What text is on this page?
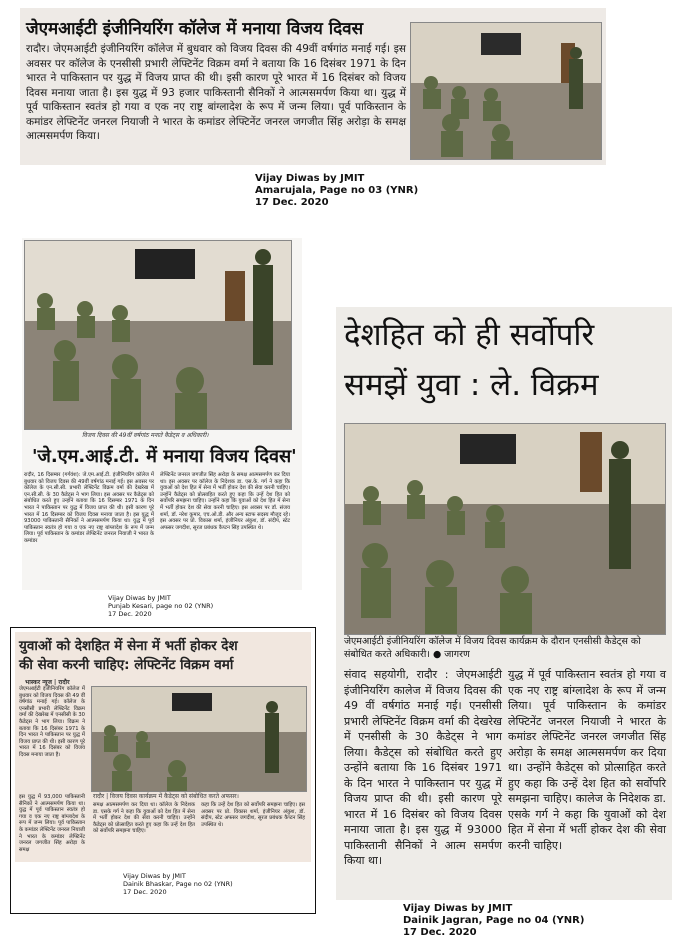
जेएमआईटी इंजीनियरिंग कॉलेज में मनाया विजय दिवस
रादौर। जेएमआईटी इंजीनियरिंग कॉलेज में बुधवार को विजय दिवस की 49वीं वर्षगांठ मनाई गई। इस अवसर पर कॉलेज के एनसीसी प्रभारी लेफ्टिनेंट विक्रम वर्मा ने बताया कि 16 दिसंबर 1971 के दिन भारत ने पाकिस्तान पर युद्ध में विजय प्राप्त की थी। इसी कारण पूरे भारत में 16 दिसंबर को विजय दिवस मनाया जाता है। इस युद्ध में 93 हजार पाकिस्तानी सैनिकों ने आत्मसमर्पण किया था। युद्ध में पूर्व पाकिस्तान स्वतंत्र हो गया व एक नए राष्ट्र बांग्लादेश के रूप में जन्म लिया। पूर्व पाकिस्तान के कमांडर लेफ्टिनेंट जनरल नियाजी ने भारत के कमांडर लेफ्टिनेंट जनरल जगजीत सिंह अरोड़ा के समक्ष आत्मसमर्पण किया।
Vijay Diwas by JMIT
Amarujala, Page no 03 (YNR)
17 Dec. 2020
विजय दिवस की 49वीं वर्षगांठ मनाते कैडेट्स व अधिकारी।
'जे.एम.आई.टी. में मनाया विजय दिवस'
रादौर, 16 दिसम्बर (गर्गवंश): जे.एम.आई.टी. इंजीनियरिंग कॉलेज में बुधवार को विजय दिवस की 49वीं वर्षगांठ मनाई गई। इस अवसर पर कॉलेज के एन.सी.सी. प्रभारी लेफ्टिनेंट विक्रम वर्मा की देखरेख में एन.सी.सी. के 30 कैडेट्स ने भाग लिया। इस अवसर पर कैडेट्स को संबोधित करते हुए उन्होंने बताया कि 16 दिसम्बर 1971 के दिन भारत ने पाकिस्तान पर युद्ध में विजय प्राप्त की थी। इसी कारण पूरे भारत में 16 दिसम्बर को विजय दिवस मनाया जाता है। इस युद्ध में 93000 पाकिस्तानी सैनिकों ने आत्मसमर्पण किया था। युद्ध में पूर्व पाकिस्तान स्वतंत्र हो गया व एक नए राष्ट्र बांग्लादेश के रूप में जन्म लिया। पूर्व पाकिस्तान के कमांडर लेफ्टिनेंट जनरल नियाजी ने भारत के कमांडर
लेफ्टिनेंट जनरल जगजीत सिंह अरोड़ा के समक्ष आत्मसमर्पण कर दिया था। इस अवसर पर कॉलेज के निदेशक डा. एस.के. गर्ग ने कहा कि युवाओं को देश हित में सेना में भर्ती होकर देश की सेवा करनी चाहिए। उन्होंने कैडेट्स को प्रोत्साहित करते हुए कहा कि उन्हें देश हित को सर्वोपरि समझना चाहिए। उन्होंने कहा कि युवाओं को देश हित में सेना में भर्ती होकर देश की सेवा करनी चाहिए। इस अवसर पर डॉ. संजय शर्मा, डॉ. नरेश कुमार, एच.ओ.डी. और अन्य स्टाफ सदस्य मौजूद रहे। इस अवसर पर प्रो. विकास शर्मा, इंजीनियर अंकुश, डॉ. संदीप, स्टेट अफसर जगदीश, सूरज प्रबंधक कैप्टन सिंह उपस्थित थे।
Vijay Diwas by JMIT
Punjab Kesari, page no 02 (YNR)
17 Dec. 2020
देशहित को ही सर्वोपरि
समझें युवा : ले. विक्रम
जेएमआईटी इंजीनियरिंग कॉलेज में विजय दिवस कार्यक्रम के दौरान एनसीसी कैडेट्स को संबोधित करते अधिकारी। ● जागरण
संवाद सहयोगी, रादौर : जेएमआईटी इंजीनियरिंग कालेज में विजय दिवस की 49 वीं वर्षगांठ मनाई गई। एनसीसी प्रभारी लेफ्टिनेंट विक्रम वर्मा की देखरेख में एनसीसी के 30 कैडेट्स ने भाग लिया। कैडेट्स को संबोधित करते हुए उन्होंने बताया कि 16 दिसंबर 1971 के दिन भारत ने पाकिस्तान पर युद्ध में विजय प्राप्त की थी। इसी कारण पूरे भारत में 16 दिसंबर को विजय दिवस मनाया जाता है। इस युद्ध में 93000 पाकिस्तानी सैनिकों ने आत्म समर्पण किया था।
युद्ध में पूर्व पाकिस्तान स्वतंत्र हो गया व एक नए राष्ट्र बांग्लादेश के रूप में जन्म लिया। पूर्व पाकिस्तान के कमांडर लेफ्टिनेंट जनरल नियाजी ने भारत के कमांडर लेफ्टिनेंट जनरल जगजीत सिंह अरोड़ा के समक्ष आत्मसमर्पण कर दिया था। उन्होंने कैडेट्स को प्रोत्साहित करते हुए कहा कि उन्हें देश हित को सर्वोपरि समझना चाहिए। कालेज के निदेशक डा. एसके गर्ग ने कहा कि युवाओं को देश हित में सेना में भर्ती होकर देश की सेवा करनी चाहिए।
Vijay Diwas by JMIT
Dainik Jagran, Page no 04 (YNR)
17 Dec. 2020
युवाओं को देशहित में सेना में भर्ती होकर देश
की सेवा करनी चाहिए: लेफ्टिनेंट विक्रम वर्मा
भास्कर न्यूज | रादौर
जेएमआईटी इंजीनियरिंग कॉलेज में बुधवार को विजय दिवस की 49 वीं वर्षगांठ मनाई गई। कॉलेज के एनसीसी प्रभारी लेफ्टिनेंट विक्रम वर्मा की देखरेख में एनसीसी के 30 कैडेट्स ने भाग लिया। विक्रम ने बताया कि 16 दिसंबर 1971 के दिन भारत ने पाकिस्तान पर युद्ध में विजय प्राप्त की थी। इसी कारण पूरे भारत में 16 दिसंबर को विजय दिवस मनाया जाता है।
रादौर | विजय दिवस कार्यक्रम में कैडेट्स को संबोधित करते अफसर।
इस युद्ध में 93,000 पाकिस्तानी सैनिकों ने आत्मसमर्पण किया था। युद्ध में पूर्व पाकिस्तान स्वतंत्र हो गया व एक नए राष्ट्र बांग्लादेश के रूप में जन्म लिया। पूर्व पाकिस्तान के कमांडर लेफ्टिनेंट जनरल नियाजी ने भारत के कमांडर लेफ्टिनेंट जनरल जगजीत सिंह अरोड़ा के समक्ष
समक्ष आत्मसमर्पण कर दिया था। कॉलेज के निदेशक डा. एसके गर्ग ने कहा कि युवाओं को देश हित में सेना में भर्ती होकर देश की सेवा करनी चाहिए। उन्होंने कैडेट्स को प्रोत्साहित करते हुए कहा कि उन्हें देश हित को सर्वोपरि समझना चाहिए।
कहा कि उन्हें देश हित को सर्वोपरि समझना चाहिए। इस अवसर पर प्रो. विकास शर्मा, इंजीनियर अंकुश, डॉ. संदीप, स्टेट अफसर जगदीश, सूरज प्रबंधक कैप्टन सिंह उपस्थित थे।
Vijay Diwas by JMIT
Dainik Bhaskar, Page no 02 (YNR)
17 Dec. 2020
